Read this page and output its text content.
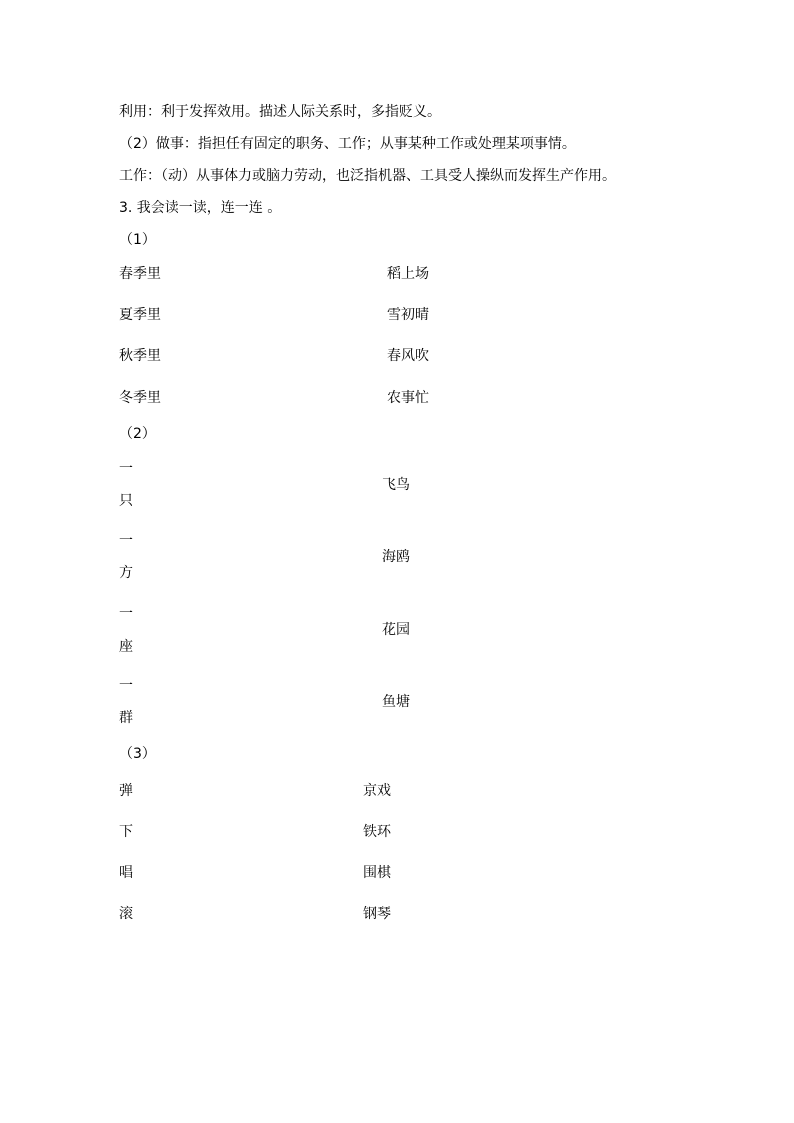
利用：利于发挥效用。描述人际关系时，多指贬义。
（2）做事：指担任有固定的职务、工作；从事某种工作或处理某项事情。
工作：（动）从事体力或脑力劳动，也泛指机器、工具受人操纵而发挥生产作用。
3. 我会读一读，连一连 。
（1）
春季里
夏季里
秋季里
冬季里
稻上场
雪初晴
春风吹
农事忙
（2）
一
只
一
方
一
座
一
群
飞鸟
海鸥
花园
鱼塘
（3）
弹
下
唱
滚
京戏
铁环
围棋
钢琴
